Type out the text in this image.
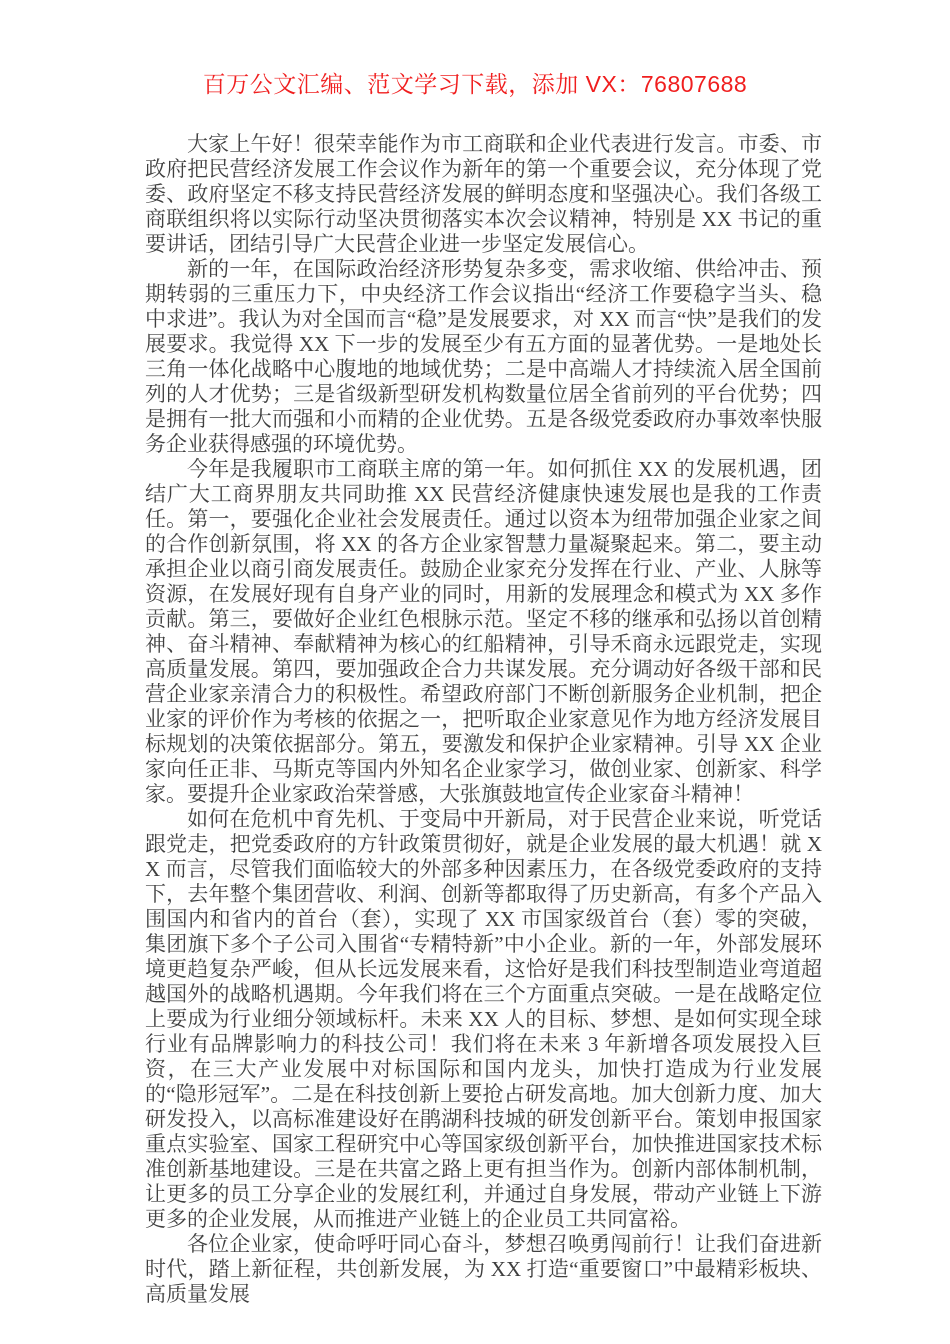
百万公文汇编、范文学习下载，添加 VX：76807688

大家上午好！很荣幸能作为市工商联和企业代表进行发言。市委、市政府把民营经济发展工作会议作为新年的第一个重要会议，充分体现了党委、政府坚定不移支持民营经济发展的鲜明态度和坚强决心。我们各级工商联组织将以实际行动坚决贯彻落实本次会议精神，特别是 XX 书记的重要讲话，团结引导广大民营企业进一步坚定发展信心。

新的一年，在国际政治经济形势复杂多变，需求收缩、供给冲击、预期转弱的三重压力下，中央经济工作会议指出“经济工作要稳字当头、稳中求进”。我认为对全国而言“稳”是发展要求，对 XX 而言“快”是我们的发展要求。我觉得 XX 下一步的发展至少有五方面的显著优势。一是地处长三角一体化战略中心腹地的地域优势；二是中高端人才持续流入居全国前列的人才优势；三是省级新型研发机构数量位居全省前列的平台优势；四是拥有一批大而强和小而精的企业优势。五是各级党委政府办事效率快服务企业获得感强的环境优势。

今年是我履职市工商联主席的第一年。如何抓住 XX 的发展机遇，团结广大工商界朋友共同助推 XX 民营经济健康快速发展也是我的工作责任。第一，要强化企业社会发展责任。通过以资本为纽带加强企业家之间的合作创新氛围，将 XX 的各方企业家智慧力量凝聚起来。第二，要主动承担企业以商引商发展责任。鼓励企业家充分发挥在行业、产业、人脉等资源，在发展好现有自身产业的同时，用新的发展理念和模式为 XX 多作贡献。第三，要做好企业红色根脉示范。坚定不移的继承和弘扬以首创精神、奋斗精神、奉献精神为核心的红船精神，引导禾商永远跟党走，实现高质量发展。第四，要加强政企合力共谋发展。充分调动好各级干部和民营企业家亲清合力的积极性。希望政府部门不断创新服务企业机制，把企业家的评价作为考核的依据之一，把听取企业家意见作为地方经济发展目标规划的决策依据部分。第五，要激发和保护企业家精神。引导 XX 企业家向任正非、马斯克等国内外知名企业家学习，做创业家、创新家、科学家。要提升企业家政治荣誉感，大张旗鼓地宣传企业家奋斗精神！

如何在危机中育先机、于变局中开新局，对于民营企业来说，听党话跟党走，把党委政府的方针政策贯彻好，就是企业发展的最大机遇！就 XX 而言，尽管我们面临较大的外部多种因素压力，在各级党委政府的支持下，去年整个集团营收、利润、创新等都取得了历史新高，有多个产品入围国内和省内的首台（套），实现了 XX 市国家级首台（套）零的突破，集团旗下多个子公司入围省“专精特新”中小企业。新的一年，外部发展环境更趋复杂严峻，但从长远发展来看，这恰好是我们科技型制造业弯道超越国外的战略机遇期。今年我们将在三个方面重点突破。一是在战略定位上要成为行业细分领域标杆。未来 XX 人的目标、梦想、是如何实现全球行业有品牌影响力的科技公司！我们将在未来 3 年新增各项发展投入巨资，在三大产业发展中对标国际和国内龙头，加快打造成为行业发展的“隐形冠军”。二是在科技创新上要抢占研发高地。加大创新力度、加大研发投入，以高标准建设好在鹃湖科技城的研发创新平台。策划申报国家重点实验室、国家工程研究中心等国家级创新平台，加快推进国家技术标准创新基地建设。三是在共富之路上更有担当作为。创新内部体制机制，让更多的员工分享企业的发展红利，并通过自身发展，带动产业链上下游更多的企业发展，从而推进产业链上的企业员工共同富裕。

各位企业家，使命呼吁同心奋斗，梦想召唤勇闯前行！让我们奋进新时代，踏上新征程，共创新发展，为 XX 打造“重要窗口”中最精彩板块、高质量发展
